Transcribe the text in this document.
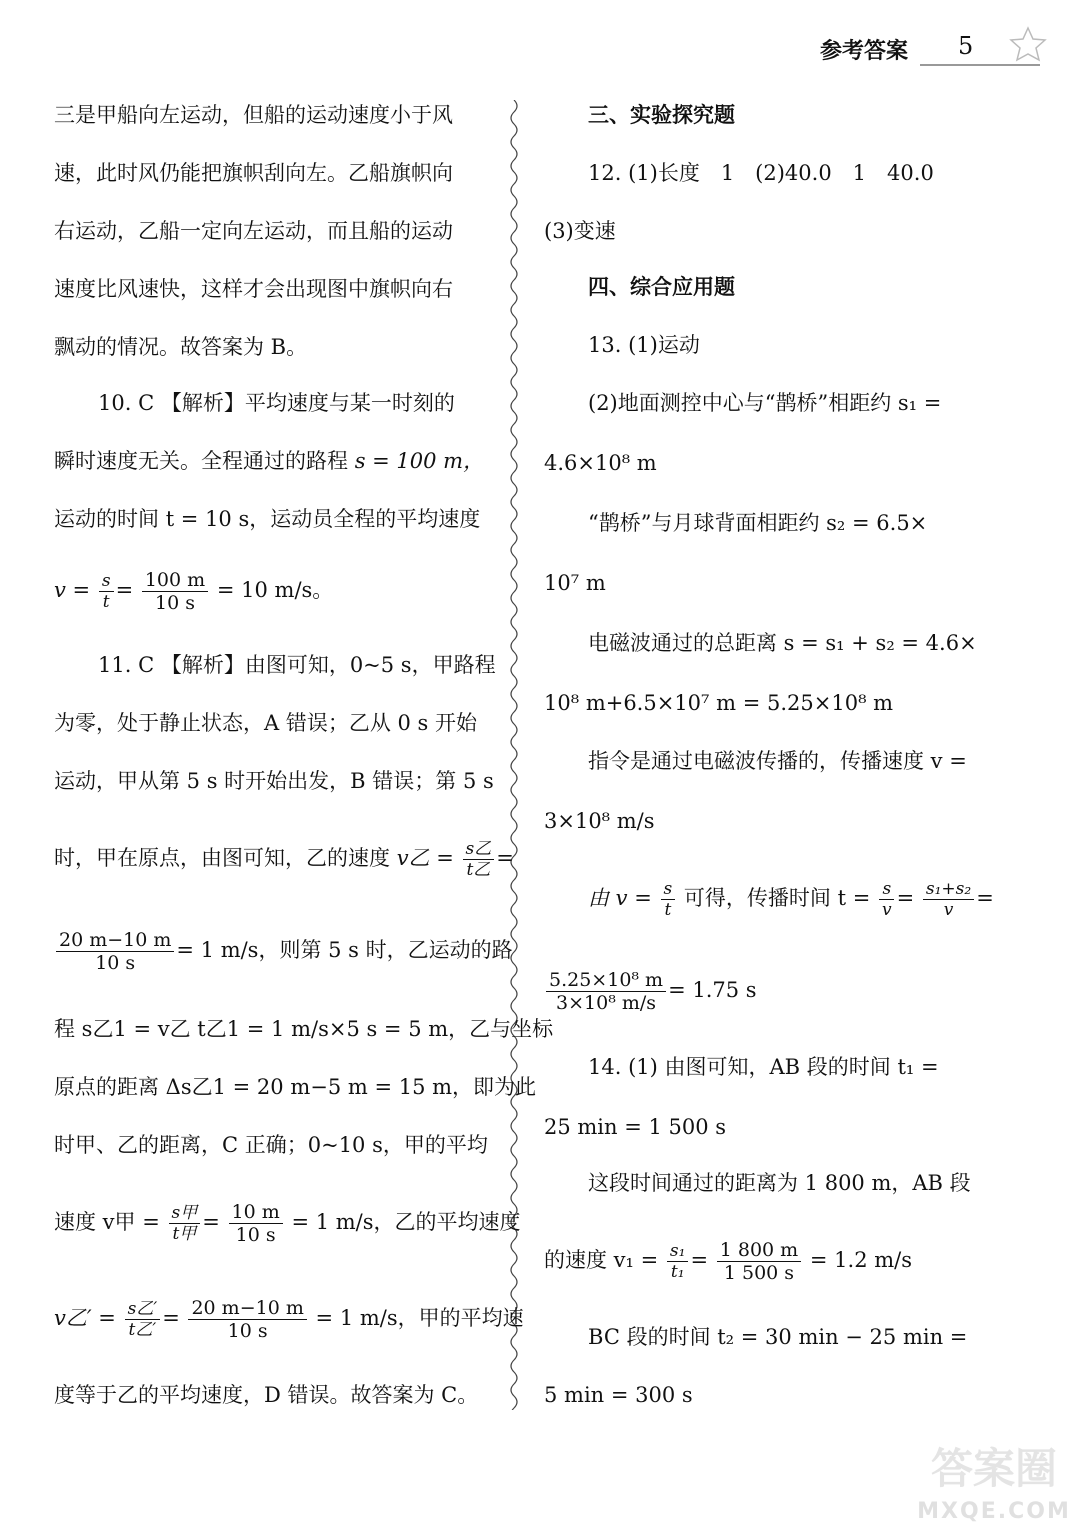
参考答案 5
三是甲船向左运动，但船的运动速度小于风
速，此时风仍能把旗帜刮向左。乙船旗帜向
右运动，乙船一定向左运动，而且船的运动
速度比风速快，这样才会出现图中旗帜向右
飘动的情况。故答案为 B。
10. C 【解析】平均速度与某一时刻的
瞬时速度无关。全程通过的路程 s = 100 m，
运动的时间 t = 10 s，运动员全程的平均速度
$v = \frac{s}{t} = \frac{100 m}{10 s} = 10$ m/s。
11. C 【解析】由图可知，0~5 s，甲路程
为零，处于静止状态，A 错误；乙从 0 s 开始
运动，甲从第 5 s 时开始出发，B 错误；第 5 s
时，甲在原点，由图可知，乙的速度 v乙 = $\frac{\text{s乙}}{\text{t乙}}$ =
$\frac{20 m-10 m}{10 s} = 1$ m/s，则第 5 s 时，乙运动的路
程 s乙1 = v乙 t乙1 = 1 m/s×5 s = 5 m，乙与坐标
原点的距离 Δs乙1 = 20 m−5 m = 15 m，即为此
时甲、乙的距离，C 正确；0~10 s，甲的平均
速度 v甲 = $\frac{\text{s甲}}{\text{t甲}} = \frac{10 m}{10 s} = 1$ m/s，乙的平均速度
v乙′ = $\frac{\text{s乙′}}{\text{t乙′}} = \frac{20 m-10 m}{10 s} = 1$ m/s，甲的平均速
度等于乙的平均速度，D 错误。故答案为 C。
三、实验探究题
12. (1)长度　1　(2)40.0　1　40.0
(3)变速
四、综合应用题
13. (1)运动
(2)地面测控中心与“鹊桥”相距约 s₁ =
4.6×10⁸ m
“鹊桥”与月球背面相距约 s₂ = 6.5×
10⁷ m
电磁波通过的总距离 s = s₁ + s₂ = 4.6×
10⁸ m+6.5×10⁷ m = 5.25×10⁸ m
指令是通过电磁波传播的，传播速度 v =
3×10⁸ m/s
由 $v = \frac{s}{t}$ 可得，传播时间 $t = \frac{s}{v} = \frac{\text{s₁+s₂}}{v}$ =
$\frac{\text{5.25×10⁸ m}}{\text{3×10⁸ m/s}} = 1.75$ s
14. (1) 由图可知，AB 段的时间 t₁ =
25 min = 1 500 s
这段时间通过的距离为 1 800 m，AB 段
的速度 $v_1 = \frac{\text{s₁}}{\text{t₁}} = \frac{1 800 m}{1 500 s} = 1.2$ m/s
BC 段的时间 t₂ = 30 min − 25 min =
5 min = 300 s
答案圈
MXQE.COM
